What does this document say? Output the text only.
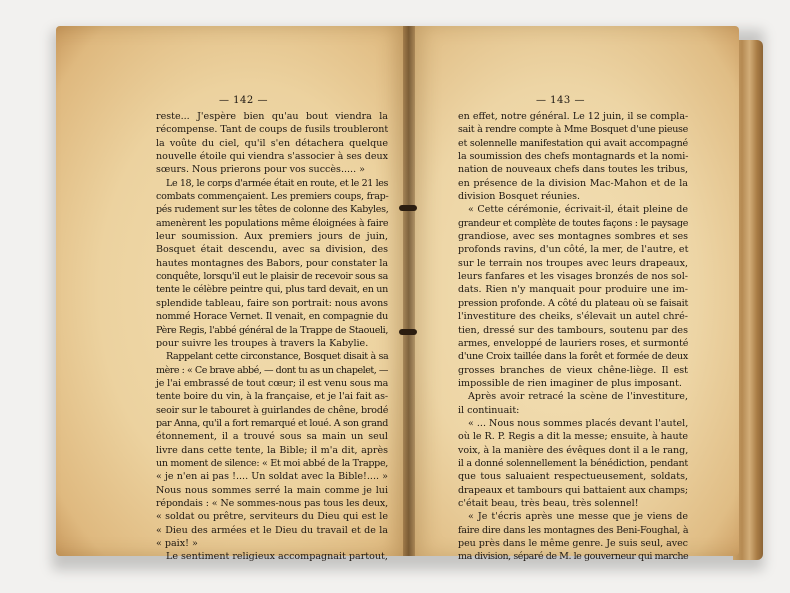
— 142 —
reste... J'espère bien qu'au bout viendra la
récompense. Tant de coups de fusils troubleront
la voûte du ciel, qu'il s'en détachera quelque
nouvelle étoile qui viendra s'associer à ses deux
sœurs. Nous prierons pour vos succès..... »
Le 18, le corps d'armée était en route, et le 21 les
combats commençaient. Les premiers coups, frap-
pés rudement sur les têtes de colonne des Kabyles,
amenèrent les populations même éloignées à faire
leur soumission. Aux premiers jours de juin,
Bosquet était descendu, avec sa division, des
hautes montagnes des Babors, pour constater la
conquête, lorsqu'il eut le plaisir de recevoir sous sa
tente le célèbre peintre qui, plus tard devait, en un
splendide tableau, faire son portrait: nous avons
nommé Horace Vernet. Il venait, en compagnie du
Père Regis, l'abbé général de la Trappe de Staoueli,
pour suivre les troupes à travers la Kabylie.
Rappelant cette circonstance, Bosquet disait à sa
mère : « Ce brave abbé, — dont tu as un chapelet, —
je l'ai embrassé de tout cœur; il est venu sous ma
tente boire du vin, à la française, et je l'ai fait as-
seoir sur le tabouret à guirlandes de chêne, brodé
par Anna, qu'il a fort remarqué et loué. A son grand
étonnement, il a trouvé sous sa main un seul
livre dans cette tente, la Bible; il m'a dit, après
un moment de silence: « Et moi abbé de la Trappe,
« je n'en ai pas !.... Un soldat avec la Bible!.... »
Nous nous sommes serré la main comme je lui
répondais : « Ne sommes-nous pas tous les deux,
« soldat ou prêtre, serviteurs du Dieu qui est le
« Dieu des armées et le Dieu du travail et de la
« paix! »
Le sentiment religieux accompagnait partout,
— 143 —
en effet, notre général. Le 12 juin, il se compla-
sait à rendre compte à Mme Bosquet d'une pieuse
et solennelle manifestation qui avait accompagné
la soumission des chefs montagnards et la nomi-
nation de nouveaux chefs dans toutes les tribus,
en présence de la division Mac-Mahon et de la
division Bosquet réunies.
« Cette cérémonie, écrivait-il, était pleine de
grandeur et complète de toutes façons : le paysage
grandiose, avec ses montagnes sombres et ses
profonds ravins, d'un côté, la mer, de l'autre, et
sur le terrain nos troupes avec leurs drapeaux,
leurs fanfares et les visages bronzés de nos sol-
dats. Rien n'y manquait pour produire une im-
pression profonde. A côté du plateau où se faisait
l'investiture des cheiks, s'élevait un autel chré-
tien, dressé sur des tambours, soutenu par des
armes, enveloppé de lauriers roses, et surmonté
d'une Croix taillée dans la forêt et formée de deux
grosses branches de vieux chêne-liège. Il est
impossible de rien imaginer de plus imposant.
Après avoir retracé la scène de l'investiture,
il continuait:
« ... Nous nous sommes placés devant l'autel,
où le R. P. Regis a dit la messe; ensuite, à haute
voix, à la manière des évêques dont il a le rang,
il a donné solennellement la bénédiction, pendant
que tous saluaient respectueusement, soldats,
drapeaux et tambours qui battaient aux champs;
c'était beau, très beau, très solennel!
« Je t'écris après une messe que je viens de
faire dire dans les montagnes des Beni-Foughal, à
peu près dans le même genre. Je suis seul, avec
ma division, séparé de M. le gouverneur qui marche
